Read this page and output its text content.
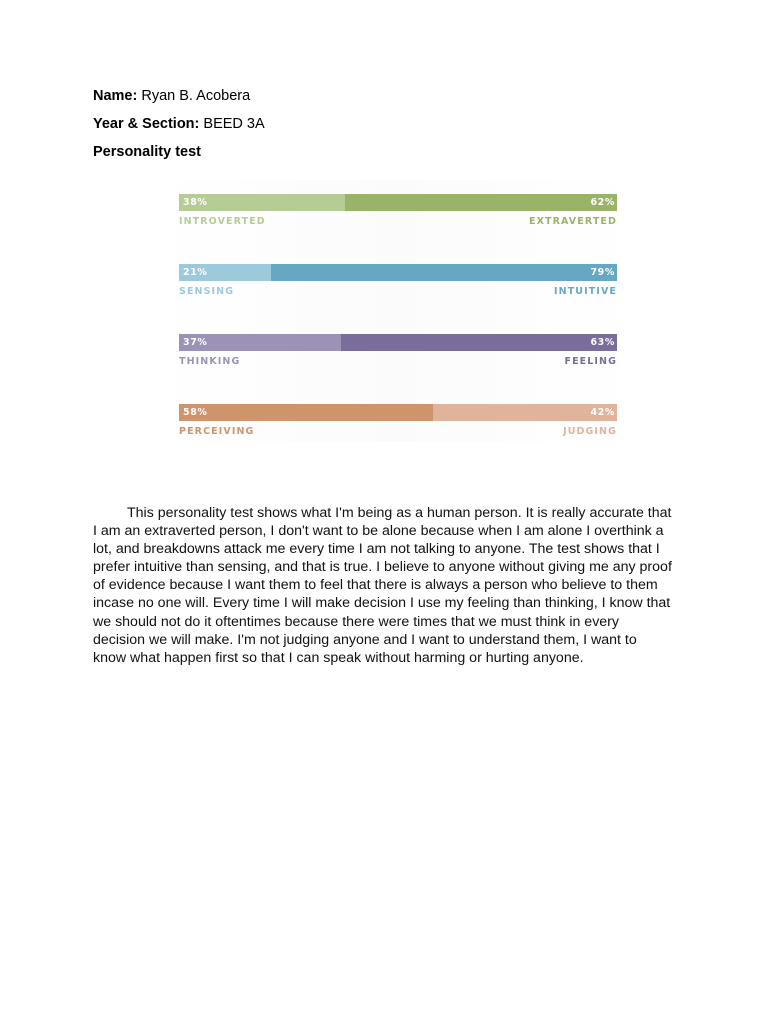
Name: Ryan B. Acobera
Year & Section: BEED 3A
Personality test
38%	62%
INTROVERTED	EXTRAVERTED
21%	79%
SENSING	INTUITIVE
37%	63%
THINKING	FEELING
58%	42%
PERCEIVING	JUDGING
This personality test shows what I'm being as a human person. It is really accurate that I am an extraverted person, I don't want to be alone because when I am alone I overthink a lot, and breakdowns attack me every time I am not talking to anyone. The test shows that I prefer intuitive than sensing, and that is true. I believe to anyone without giving me any proof of evidence because I want them to feel that there is always a person who believe to them incase no one will. Every time I will make decision I use my feeling than thinking, I know that we should not do it oftentimes because there were times that we must think in every decision we will make. I'm not judging anyone and I want to understand them, I want to know what happen first so that I can speak without harming or hurting anyone.
